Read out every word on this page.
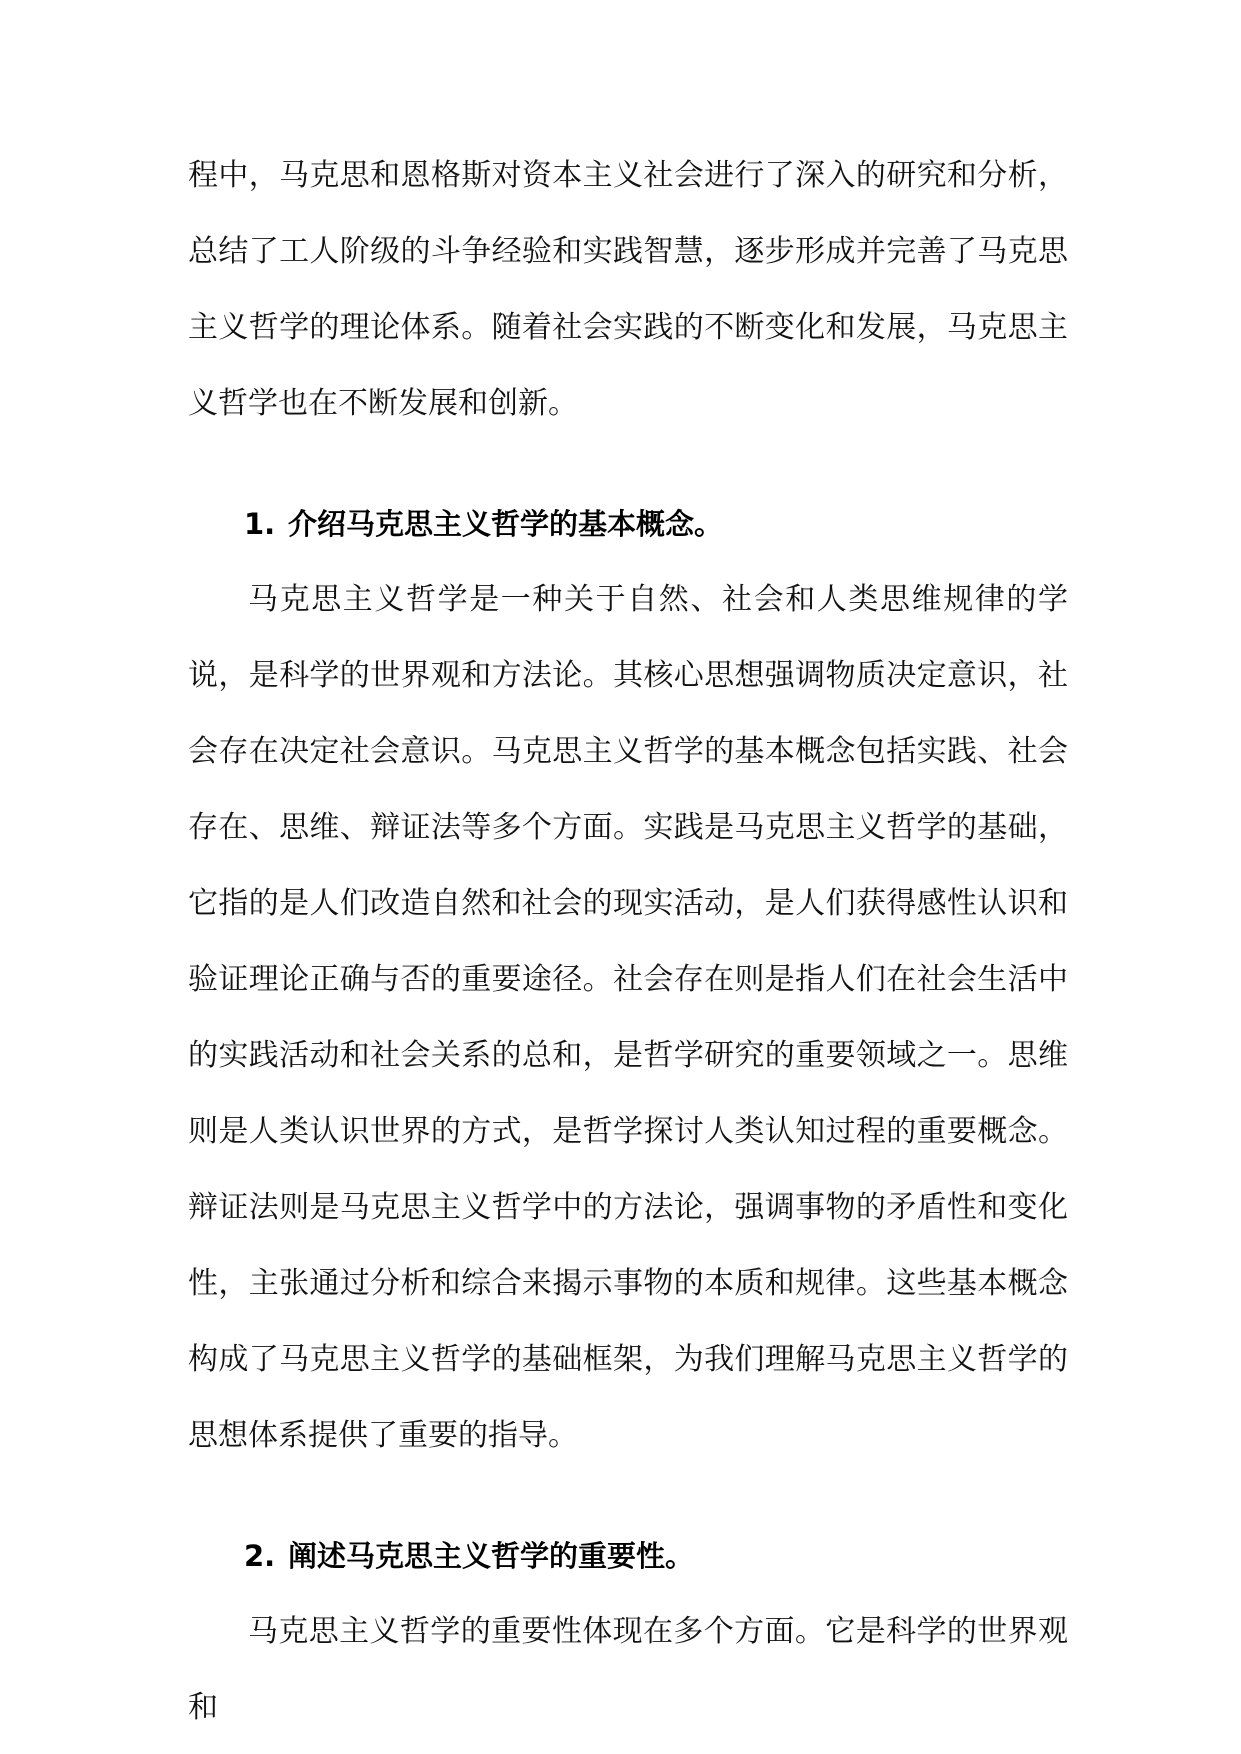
程中，马克思和恩格斯对资本主义社会进行了深入的研究和分析，总结了工人阶级的斗争经验和实践智慧，逐步形成并完善了马克思主义哲学的理论体系。随着社会实践的不断变化和发展，马克思主义哲学也在不断发展和创新。

1. 介绍马克思主义哲学的基本概念。

马克思主义哲学是一种关于自然、社会和人类思维规律的学说，是科学的世界观和方法论。其核心思想强调物质决定意识，社会存在决定社会意识。马克思主义哲学的基本概念包括实践、社会存在、思维、辩证法等多个方面。实践是马克思主义哲学的基础，它指的是人们改造自然和社会的现实活动，是人们获得感性认识和验证理论正确与否的重要途径。社会存在则是指人们在社会生活中的实践活动和社会关系的总和，是哲学研究的重要领域之一。思维则是人类认识世界的方式，是哲学探讨人类认知过程的重要概念。辩证法则是马克思主义哲学中的方法论，强调事物的矛盾性和变化性，主张通过分析和综合来揭示事物的本质和规律。这些基本概念构成了马克思主义哲学的基础框架，为我们理解马克思主义哲学的思想体系提供了重要的指导。

2. 阐述马克思主义哲学的重要性。

马克思主义哲学的重要性体现在多个方面。它是科学的世界观和
